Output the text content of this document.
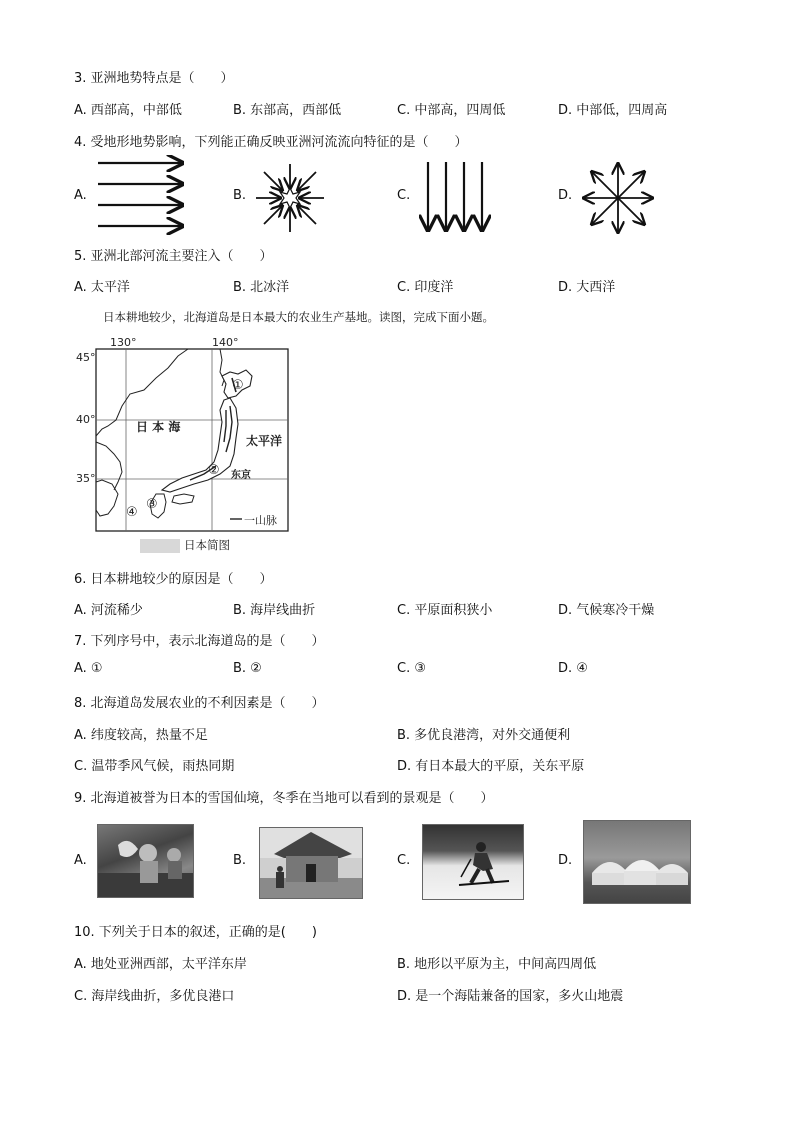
3. 亚洲地势特点是（　　）
A. 西部高，中部低	B. 东部高，西部低	C. 中部高，四周低	D. 中部低，四周高
4. 受地形地势影响，下列能正确反映亚洲河流流向特征的是（　　）
A.	B.	C.	D.
5. 亚洲北部河流主要注入（　　）
A. 太平洋	B. 北冰洋	C. 印度洋	D. 大西洋
日本耕地较少，北海道岛是日本最大的农业生产基地。读图，完成下面小题。
130°	140°
45°
40°
35°
日 本 海
太平洋
东京
①
②
③
④
一山脉
日本简图
6. 日本耕地较少的原因是（　　）
A. 河流稀少	B. 海岸线曲折	C. 平原面积狭小	D. 气候寒冷干燥
7. 下列序号中，表示北海道岛的是（　　）
A. ①	B. ②	C. ③	D. ④
8. 北海道岛发展农业的不利因素是（　　）
A. 纬度较高，热量不足	B. 多优良港湾，对外交通便利
C. 温带季风气候，雨热同期	D. 有日本最大的平原，关东平原
9. 北海道被誉为日本的雪国仙境，冬季在当地可以看到的景观是（　　）
A.	B.	C.	D.
10. 下列关于日本的叙述，正确的是(　　)
A. 地处亚洲西部，太平洋东岸	B. 地形以平原为主，中间高四周低
C. 海岸线曲折，多优良港口	D. 是一个海陆兼备的国家，多火山地震
